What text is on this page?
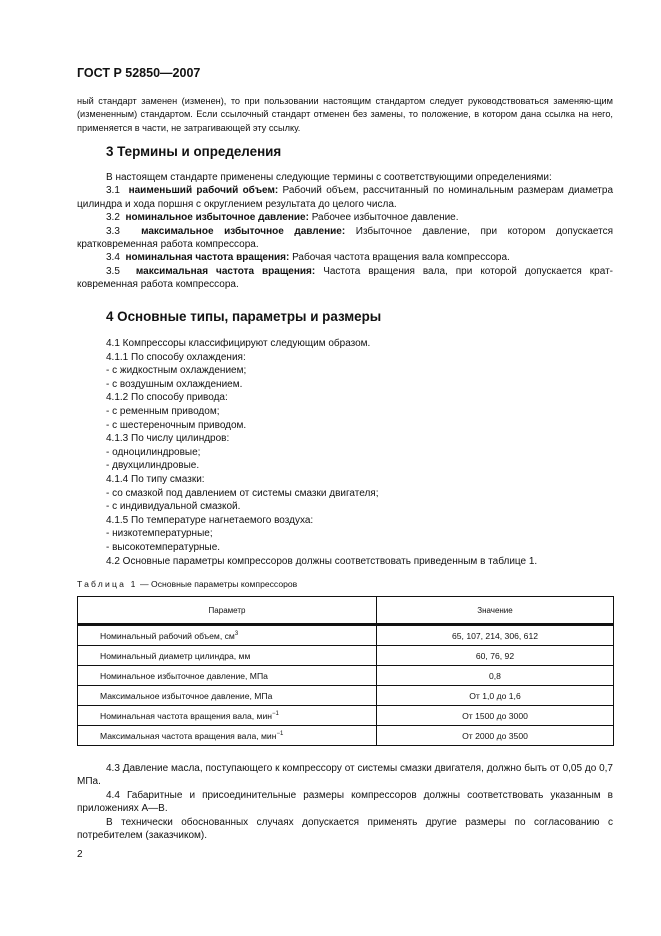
ГОСТ Р 52850—2007

ный стандарт заменен (изменен), то при пользовании настоящим стандартом следует руководствоваться заменяю-щим (измененным) стандартом. Если ссылочный стандарт отменен без замены, то положение, в котором дана ссылка на него, применяется в части, не затрагивающей эту ссылку.

3 Термины и определения

В настоящем стандарте применены следующие термины с соответствующими определениями:

3.1 наименьший рабочий объем: Рабочий объем, рассчитанный по номинальным размерам диаметра цилиндра и хода поршня с округлением результата до целого числа.

3.2 номинальное избыточное давление: Рабочее избыточное давление.

3.3 максимальное избыточное давление: Избыточное давление, при котором допускается кратковременная работа компрессора.

3.4 номинальная частота вращения: Рабочая частота вращения вала компрессора.

3.5 максимальная частота вращения: Частота вращения вала, при которой допускается крат-ковременная работа компрессора.

4 Основные типы, параметры и размеры
4.1 Компрессоры классифицируют следующим образом.
4.1.1 По способу охлаждения:
- с жидкостным охлаждением;
- с воздушным охлаждением.
4.1.2 По способу привода:
- с ременным приводом;
- с шестереночным приводом.
4.1.3 По числу цилиндров:
- одноцилиндровые;
- двухцилиндровые.
4.1.4 По типу смазки:
- со смазкой под давлением от системы смазки двигателя;
- с индивидуальной смазкой.
4.1.5 По температуре нагнетаемого воздуха:
- низкотемпературные;
- высокотемпературные.
4.2 Основные параметры компрессоров должны соответствовать приведенным в таблице 1.
Таблица 1 — Основные параметры компрессоров
Параметр	Значение
Номинальный рабочий объем, $см^3$	65, 107, 214, 306, 612
Номинальный диаметр цилиндра, мм	60, 76, 92
Номинальное избыточное давление, МПа	0,8
Максимальное избыточное давление, МПа	От 1,0 до 1,6
Номинальная частота вращения вала, мин$^{-1}$	От 1500 до 3000
Максимальная частота вращения вала, мин$^{-1}$	От 2000 до 3500

4.3 Давление масла, поступающего к компрессору от системы смазки двигателя, должно быть от 0,05 до 0,7 МПа.

4.4 Габаритные и присоединительные размеры компрессоров должны соответствовать указанным в приложениях А—В.

В технически обоснованных случаях допускается применять другие размеры по согласованию с потребителем (заказчиком).

2
